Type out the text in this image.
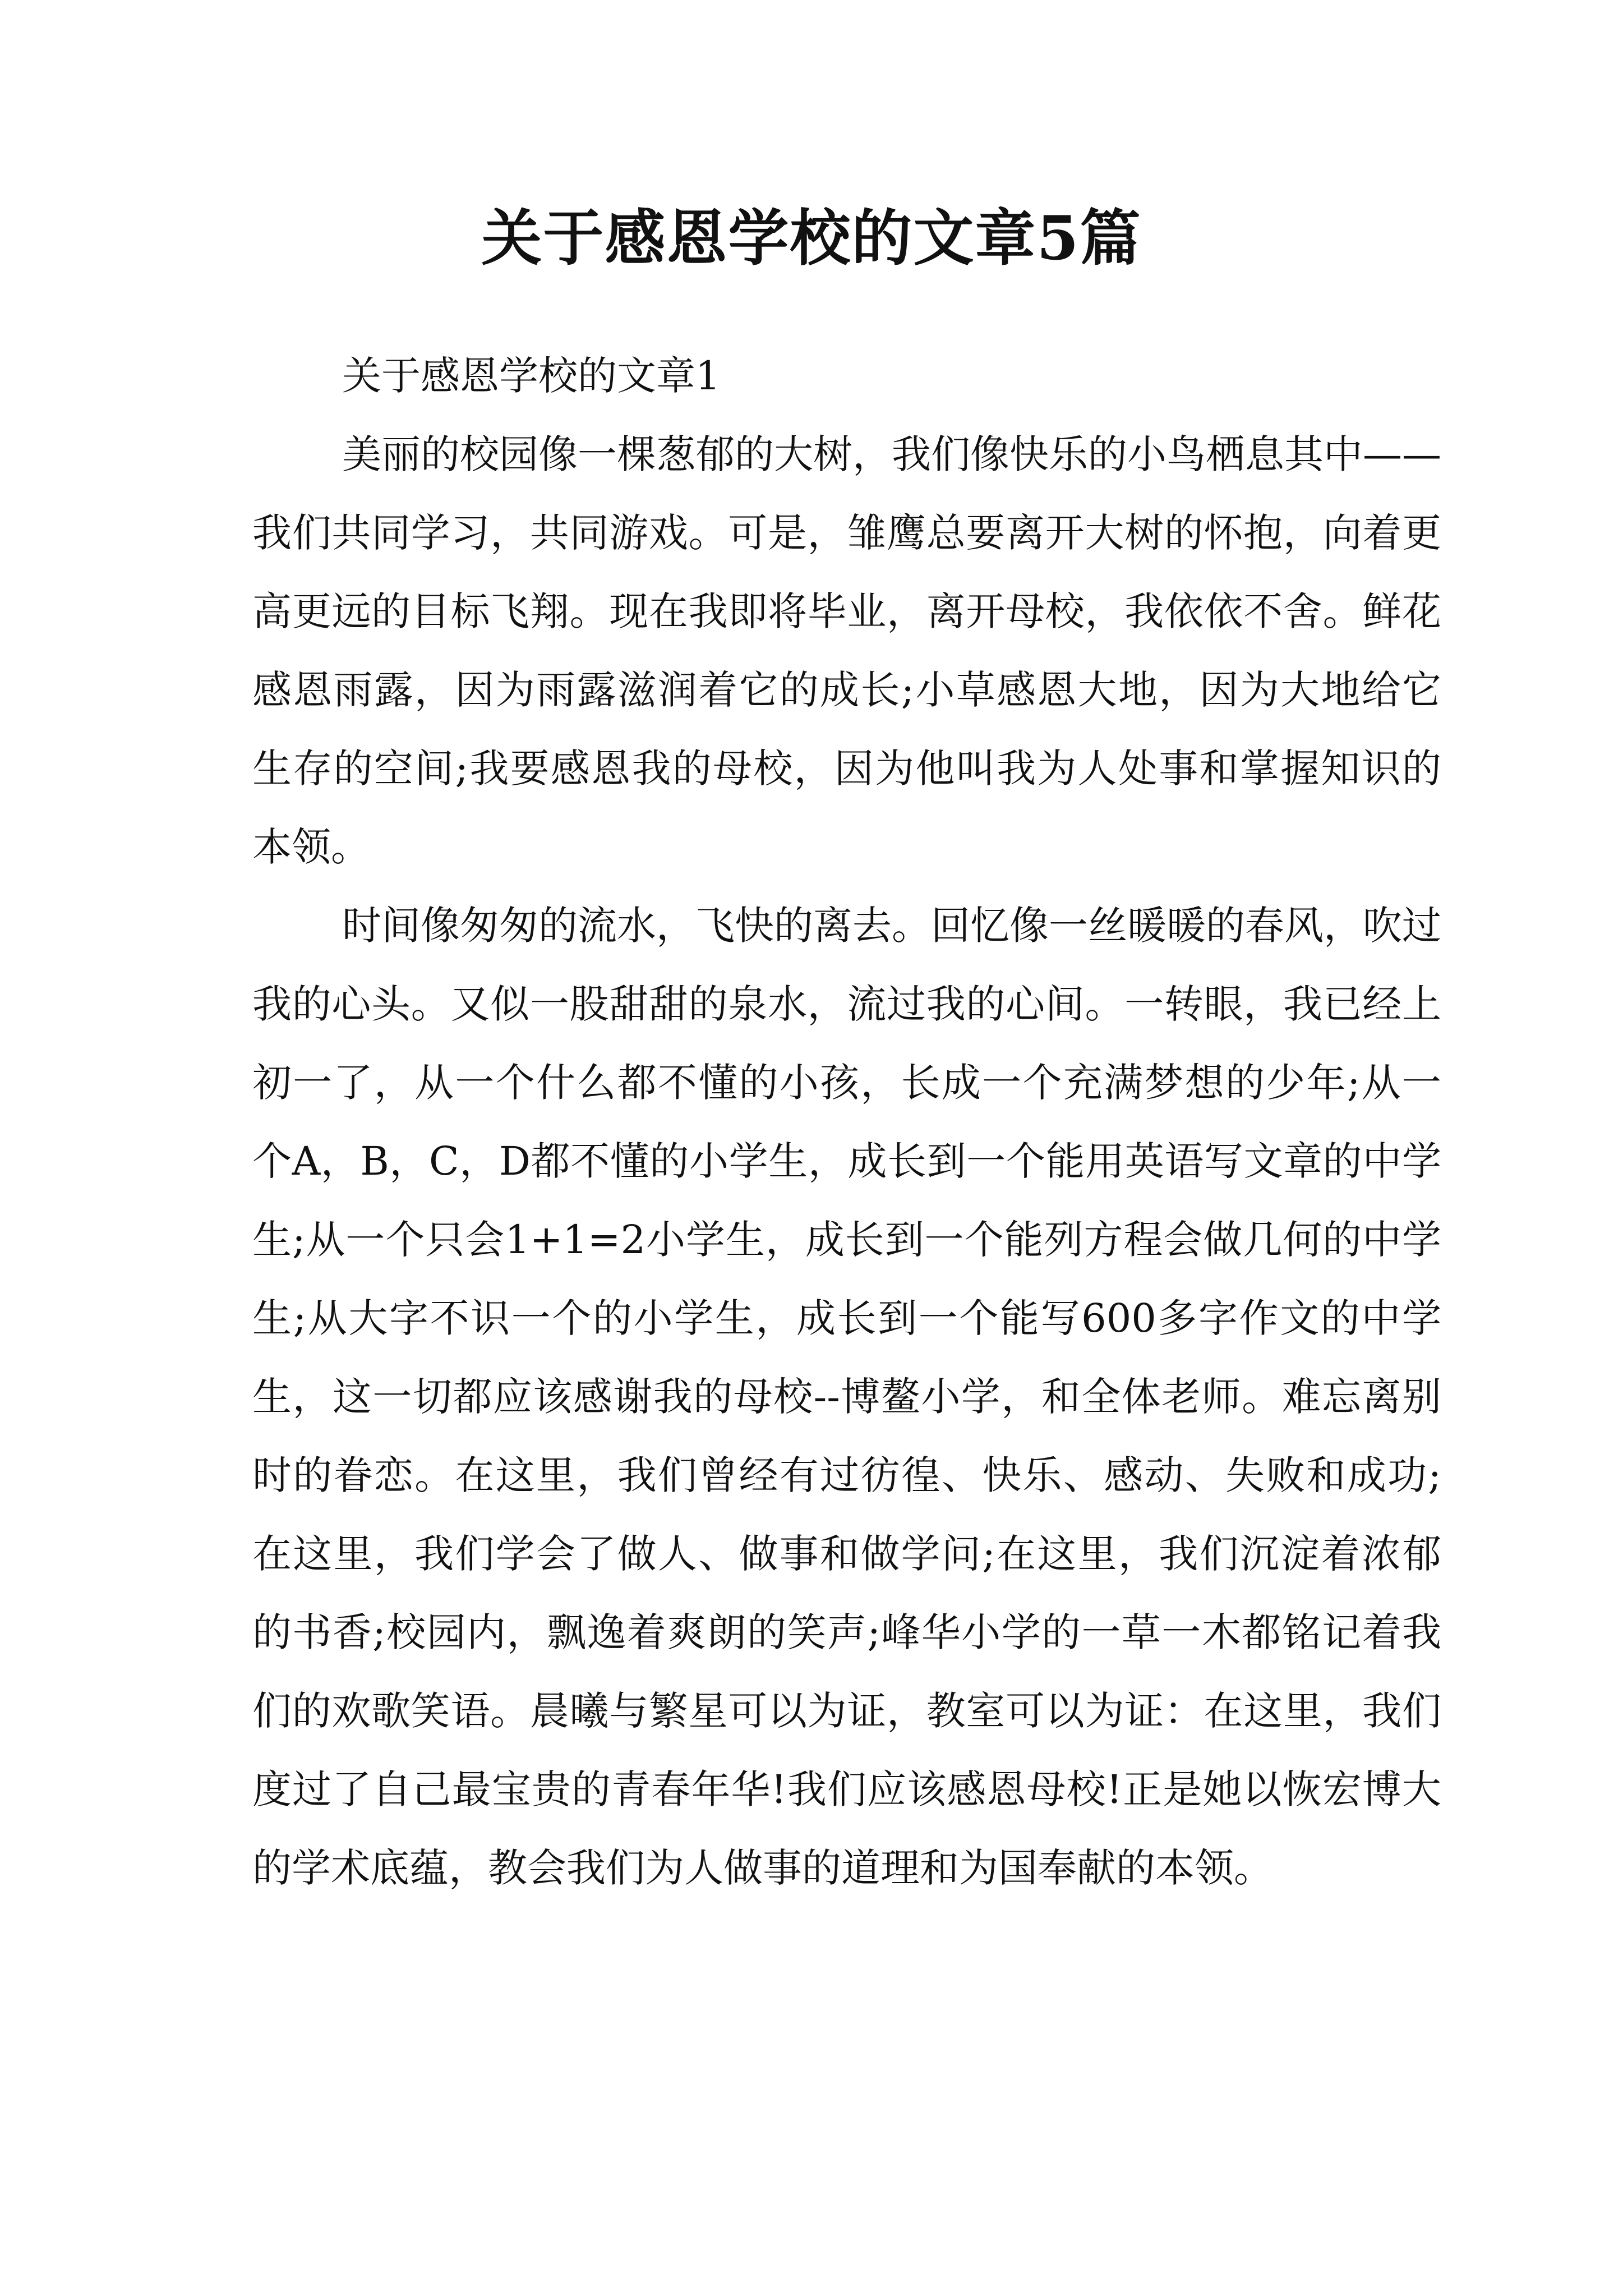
关于感恩学校的文章5篇

关于感恩学校的文章1

美丽的校园像一棵葱郁的大树，我们像快乐的小鸟栖息其中——我们共同学习，共同游戏。可是，雏鹰总要离开大树的怀抱，向着更高更远的目标飞翔。现在我即将毕业，离开母校，我依依不舍。鲜花感恩雨露，因为雨露滋润着它的成长;小草感恩大地，因为大地给它生存的空间;我要感恩我的母校，因为他叫我为人处事和掌握知识的本领。

时间像匆匆的流水，飞快的离去。回忆像一丝暖暖的春风，吹过我的心头。又似一股甜甜的泉水，流过我的心间。一转眼，我已经上初一了，从一个什么都不懂的小孩，长成一个充满梦想的少年;从一个A，B，C，D都不懂的小学生，成长到一个能用英语写文章的中学生;从一个只会1+1=2小学生，成长到一个能列方程会做几何的中学生;从大字不识一个的小学生，成长到一个能写600多字作文的中学生，这一切都应该感谢我的母校--博鳌小学，和全体老师。难忘离别时的眷恋。在这里，我们曾经有过彷徨、快乐、感动、失败和成功;在这里，我们学会了做人、做事和做学问;在这里，我们沉淀着浓郁的书香;校园内，飘逸着爽朗的笑声;峰华小学的一草一木都铭记着我们的欢歌笑语。晨曦与繁星可以为证，教室可以为证：在这里，我们度过了自己最宝贵的青春年华!我们应该感恩母校!正是她以恢宏博大的学术底蕴，教会我们为人做事的道理和为国奉献的本领。
